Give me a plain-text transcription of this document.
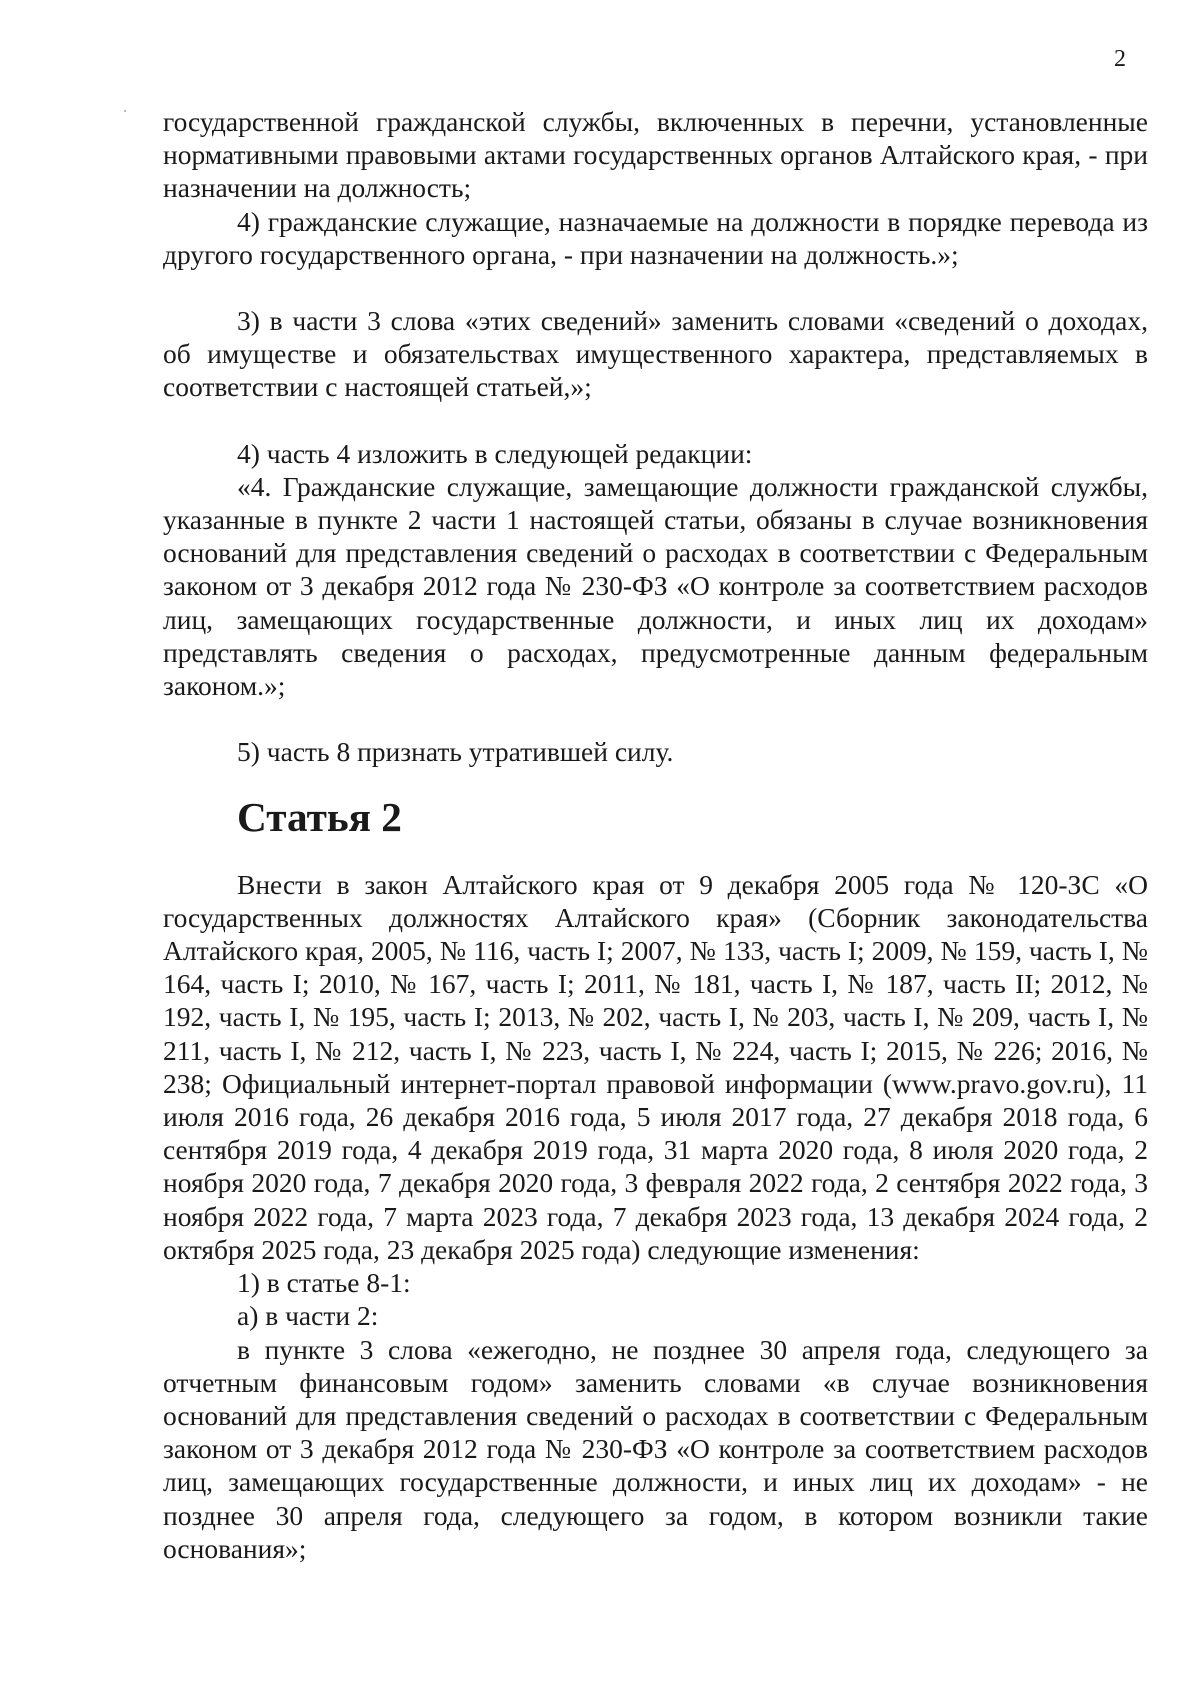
2

государственной гражданской службы, включенных в перечни, установленные нормативными правовыми актами государственных органов Алтайского края, - при назначении на должность;

4) гражданские служащие, назначаемые на должности в порядке перевода из другого государственного органа, - при назначении на должность.»;

3) в части 3 слова «этих сведений» заменить словами «сведений о доходах, об имуществе и обязательствах имущественного характера, представляемых в соответствии с настоящей статьей,»;

4) часть 4 изложить в следующей редакции:

«4. Гражданские служащие, замещающие должности гражданской службы, указанные в пункте 2 части 1 настоящей статьи, обязаны в случае возникновения оснований для представления сведений о расходах в соответствии с Федеральным законом от 3 декабря 2012 года № 230-ФЗ «О контроле за соответствием расходов лиц, замещающих государственные должности, и иных лиц их доходам» представлять сведения о расходах, предусмотренные данным федеральным законом.»;

5) часть 8 признать утратившей силу.

Статья 2

Внести в закон Алтайского края от 9 декабря 2005 года № 120-ЗС «О государственных должностях Алтайского края» (Сборник законодательства Алтайского края, 2005, № 116, часть I; 2007, № 133, часть I; 2009, № 159, часть I, № 164, часть I; 2010, № 167, часть I; 2011, № 181, часть I, № 187, часть II; 2012, № 192, часть I, № 195, часть I; 2013, № 202, часть I, № 203, часть I, № 209, часть I, № 211, часть I, № 212, часть I, № 223, часть I, № 224, часть I; 2015, № 226; 2016, № 238; Официальный интернет-портал правовой информации (www.pravo.gov.ru), 11 июля 2016 года, 26 декабря 2016 года, 5 июля 2017 года, 27 декабря 2018 года, 6 сентября 2019 года, 4 декабря 2019 года, 31 марта 2020 года, 8 июля 2020 года, 2 ноября 2020 года, 7 декабря 2020 года, 3 февраля 2022 года, 2 сентября 2022 года, 3 ноября 2022 года, 7 марта 2023 года, 7 декабря 2023 года, 13 декабря 2024 года, 2 октября 2025 года, 23 декабря 2025 года) следующие изменения:

1) в статье 8-1:

а) в части 2:

в пункте 3 слова «ежегодно, не позднее 30 апреля года, следующего за отчетным финансовым годом» заменить словами «в случае возникновения оснований для представления сведений о расходах в соответствии с Федеральным законом от 3 декабря 2012 года № 230-ФЗ «О контроле за соответствием расходов лиц, замещающих государственные должности, и иных лиц их доходам» - не позднее 30 апреля года, следующего за годом, в котором возникли такие основания»;
